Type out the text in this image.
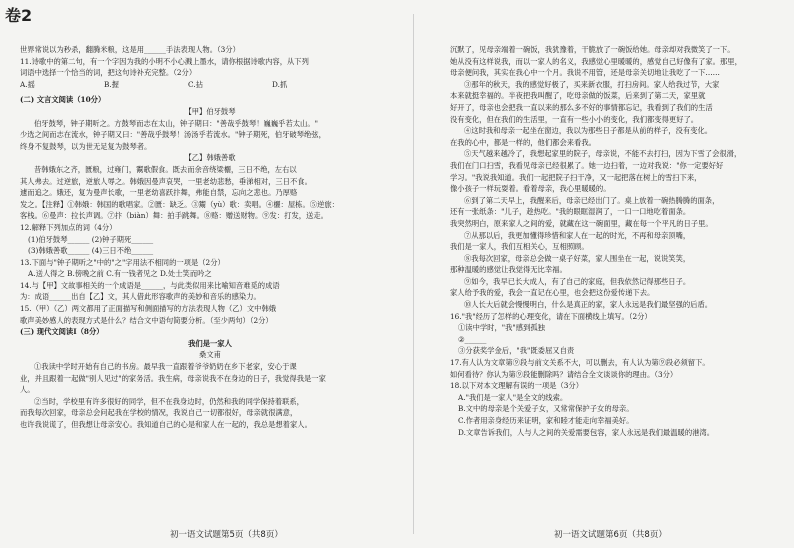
卷2
世界常说以为秒杀，翻腾米粮，这是用______手法表现人物。（3分）
11.诗歌中的第二句，有一个字因为我的小明不小心溅上墨水，请你根据诗歌内容，从下列
词语中选择一个恰当的词，把这句诗补充完整。（2分）
A.摇	B.握	C.拈	D.抓
(二) 文言文阅读（10分）
【甲】伯牙鼓琴
伯牙鼓琴，钟子期听之。方鼓琴而志在太山，钟子期曰："善哉乎鼓琴！巍巍乎若太山。"
少选之间而志在流水，钟子期又曰："善哉乎鼓琴！汤汤乎若流水。"钟子期死，伯牙破琴绝弦，
终身不复鼓琴，以为世无足复为鼓琴者。
【乙】韩娥善歌
昔韩娥东之齐，匮粮，过雍门，鬻歌假食。既去而余音绕梁欐，三日不绝，左右以
其人弗去。过逆旅，逆旅人辱之。韩娥因曼声哀哭，一里老幼悲愁，垂涕相对，三日不食。
遽而追之。娥还，复为曼声长歌，一里老幼喜跃抃舞，弗能自禁，忘向之悲也。乃厚赂
发之。【注释】①韩娥：韩国的歌唱家。②匮：缺乏。③鬻（yù）歌：卖唱。④欐：屋栋。⑤逆旅：
客栈。⑥曼声：拉长声调。⑦抃（biàn）舞：拍手跳舞。⑧赂：赠送财物。⑨发：打发，送走。
12.解释下列加点的词（4分）
(1)伯牙鼓琴______ (2)钟子期死______
(3)韩娥善歌______ (4)三日不绝______
13.下面与"钟子期听之"中的"之"字用法不相同的一项是（2分）
A.送人得之 B.傍晚之前 C.有一钱者见之 D.处士笑而吟之
14.与【甲】文故事相关的一个成语是______，与此类似用来比喻知音难觅的成语
为：成语______出自【乙】文，其人借此形容歌声的美妙和音乐的感染力。
15.（甲）（乙）两文都用了正面描写和侧面描写的方法表现人物（乙）文中韩娥
歌声美妙感人的表现方式是什么？结合文中语句简要分析。（至少两句）（2分）
(三) 现代文阅读Ⅰ（8分）
我们是一家人
桑文甫
①我读中学时开始有自己的书房。最早我一直跟着爷爷奶奶在乡下老家，安心于课
业，并且跟着一起做"别人见过"的家务活。我生病，母亲说我不在身边的日子，我觉得我是一家
人。
②当时，学校里有许多很好的同学，但不在我身边时，仍然和我的同学保持着联系，
而我每次回家，母亲总会问起我在学校的情况，我说自己一切都很好，母亲就很满意，
也许我说谎了，但我想让母亲安心。我知道自己的心是和家人在一起的，我总是想着家人。
初一语文试题第5页（共8页）
沉默了，见母亲端着一碗饭，我犹豫着，干脆放了一碗饭给她。母亲却对我微笑了一下。
她从没有这样说我，而以一家人的名义，我感觉心里暖暖的，感觉自己好像有了家。那里，
母亲便问我，其实在我心中一个月。我说不用管，还是母亲关切地让我吃了一下……
③那年的秋天，我的感觉好极了，买来新衣服，打扫房间。家人给我过节，大家
本来就挺幸福的。半夜把我叫醒了，吃母亲做的饭菜，后来到了第二天，家里就
好开了，母亲也会把我一直以来的那么多不好的事情都忘记，我看到了我们的生活
没有变化，但在我们的生活里，一直有一些小小的变化，我们都变得更好了。
④这时我和母亲一起坐在窗边，我以为那些日子都是从前的样子，没有变化。
在我的心中，都是一样的，他们都会来看我。
⑤天气越来越冷了，我想起家里的院子，母亲说，不能不去打扫，因为下雪了会很滑，
我们在门口扫雪，我看见母亲已经很累了。她一边扫着，一边对我说："你一定要好好
学习。"我说我知道。我们一起把院子扫干净，又一起把落在树上的雪扫下来，
像小孩子一样玩耍着。看着母亲，我心里暖暖的。
⑥到了第二天早上，我醒来后，母亲已经出门了。桌上放着一碗热腾腾的面条，
还有一张纸条："儿子，趁热吃。"我的眼眶湿润了，一口一口地吃着面条。
我突然明白，原来家人之间的爱，就藏在这一碗面里，藏在每一个平凡的日子里。
⑦从那以后，我更加懂得珍惜和家人在一起的时光，不再和母亲顶嘴，
我们是一家人，我们互相关心，互相照顾。
⑧我每次回家，母亲总会做一桌子好菜，家人围坐在一起，说说笑笑，
那种温暖的感觉让我觉得无比幸福。
⑨如今，我早已长大成人，有了自己的家庭，但我依然记得那些日子。
家人给予我的爱，我会一直记在心里，也会把这份爱传递下去。
⑩人长大后就会慢慢明白，什么是真正的家，家人永远是我们最坚强的后盾。
16."我"经历了怎样的心理变化，请在下面横线上填写。（2分）
①读中学时，"我"感到孤独
②______
③分获奖学金后，"我"既委屈又自责
17.有人认为文章第⑨段与前文关系不大，可以删去，有人认为第⑨段必须留下。
如何看待？你认为第⑨段能删除吗？请结合全文谈谈你的理由。（3分）
18.以下对本文理解有误的一项是（3分）
A."我们是一家人"是全文的线索。
B.文中的母亲是个关爱子女，又常常保护子女的母亲。
C.作者用亲身经历来证明，家和睦才能走向幸福美好。
D.文章告诉我们，人与人之间的关爱需要包容，家人永远是我们最温暖的港湾。
初一语文试题第6页（共8页）
